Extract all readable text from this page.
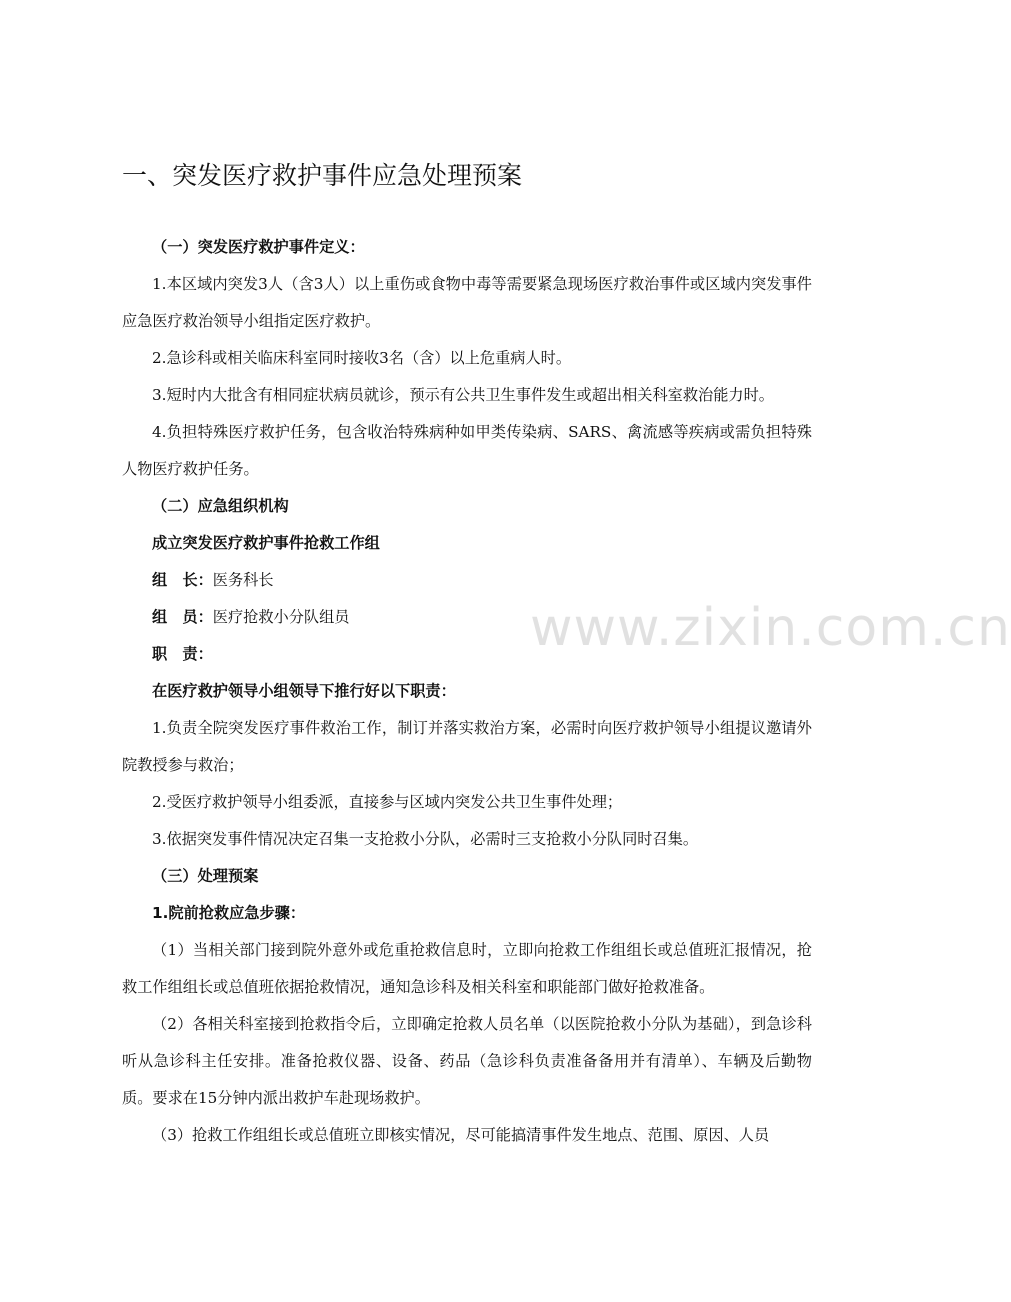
www.zixin.com.cn
一、突发医疗救护事件应急处理预案

（一）突发医疗救护事件定义：

1.本区域内突发3人（含3人）以上重伤或食物中毒等需要紧急现场医疗救治事件或区域内突发事件应急医疗救治领导小组指定医疗救护。

2.急诊科或相关临床科室同时接收3名（含）以上危重病人时。

3.短时内大批含有相同症状病员就诊，预示有公共卫生事件发生或超出相关科室救治能力时。

4.负担特殊医疗救护任务，包含收治特殊病种如甲类传染病、SARS、禽流感等疾病或需负担特殊人物医疗救护任务。

（二）应急组织机构

成立突发医疗救护事件抢救工作组

组　长：医务科长

组　员：医疗抢救小分队组员

职　责：

在医疗救护领导小组领导下推行好以下职责：

1.负责全院突发医疗事件救治工作，制订并落实救治方案，必需时向医疗救护领导小组提议邀请外院教授参与救治；

2.受医疗救护领导小组委派，直接参与区域内突发公共卫生事件处理；

3.依据突发事件情况决定召集一支抢救小分队，必需时三支抢救小分队同时召集。

（三）处理预案

1.院前抢救应急步骤：

（1）当相关部门接到院外意外或危重抢救信息时，立即向抢救工作组组长或总值班汇报情况，抢救工作组组长或总值班依据抢救情况，通知急诊科及相关科室和职能部门做好抢救准备。

（2）各相关科室接到抢救指令后，立即确定抢救人员名单（以医院抢救小分队为基础），到急诊科听从急诊科主任安排。准备抢救仪器、设备、药品（急诊科负责准备备用并有清单）、车辆及后勤物质。要求在15分钟内派出救护车赴现场救护。

（3）抢救工作组组长或总值班立即核实情况，尽可能搞清事件发生地点、范围、原因、人员
